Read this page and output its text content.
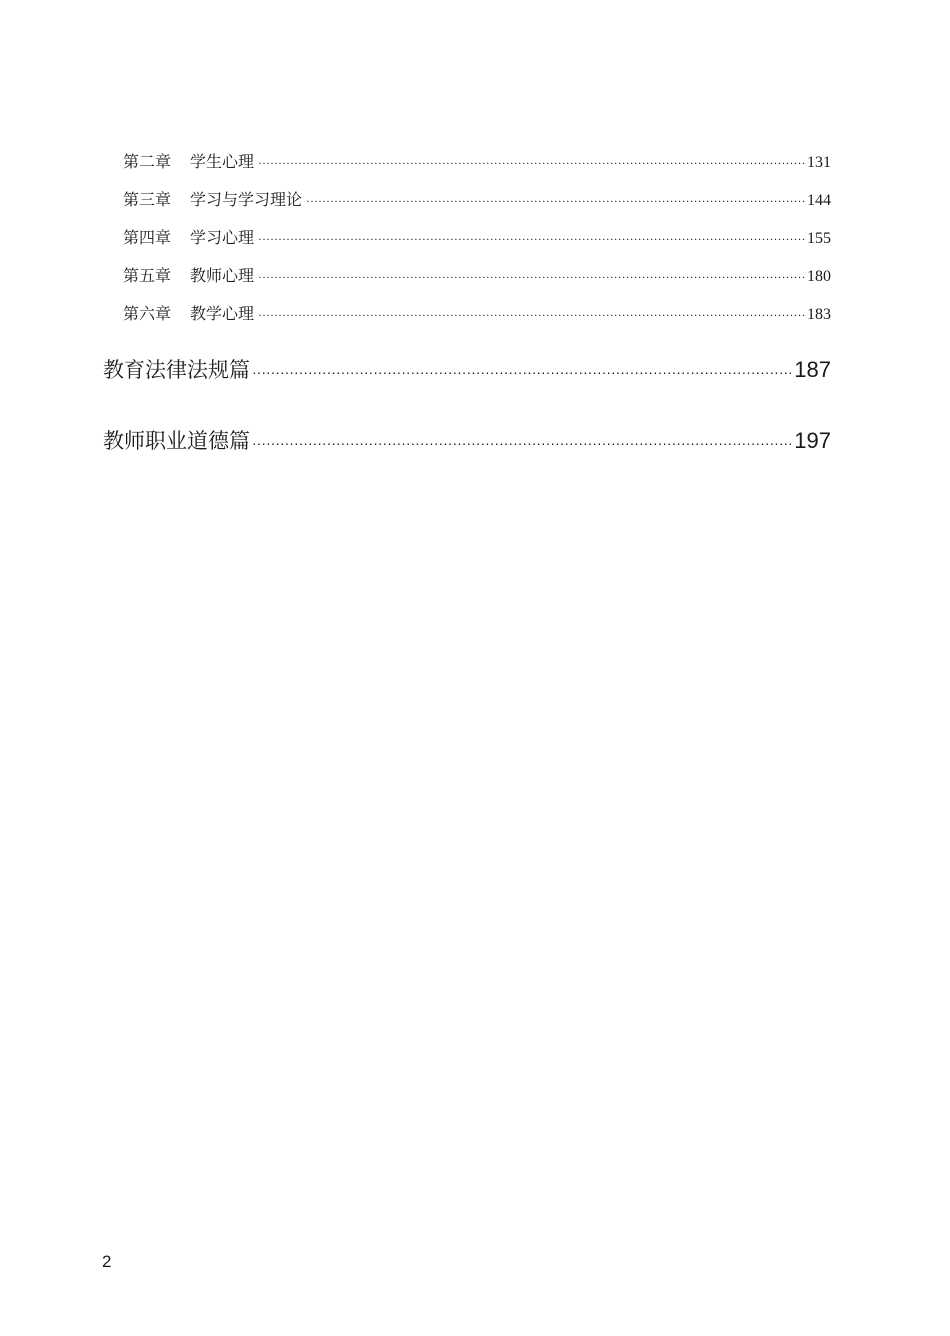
第二章 学生心理 ·····	131
第三章 学习与学习理论 ·····	144
第四章 学习心理 ·····	155
第五章 教师心理 ·····	180
第六章 教学心理 ·····	183
教育法律法规篇 ·····	187
教师职业道德篇 ·····	197
2
